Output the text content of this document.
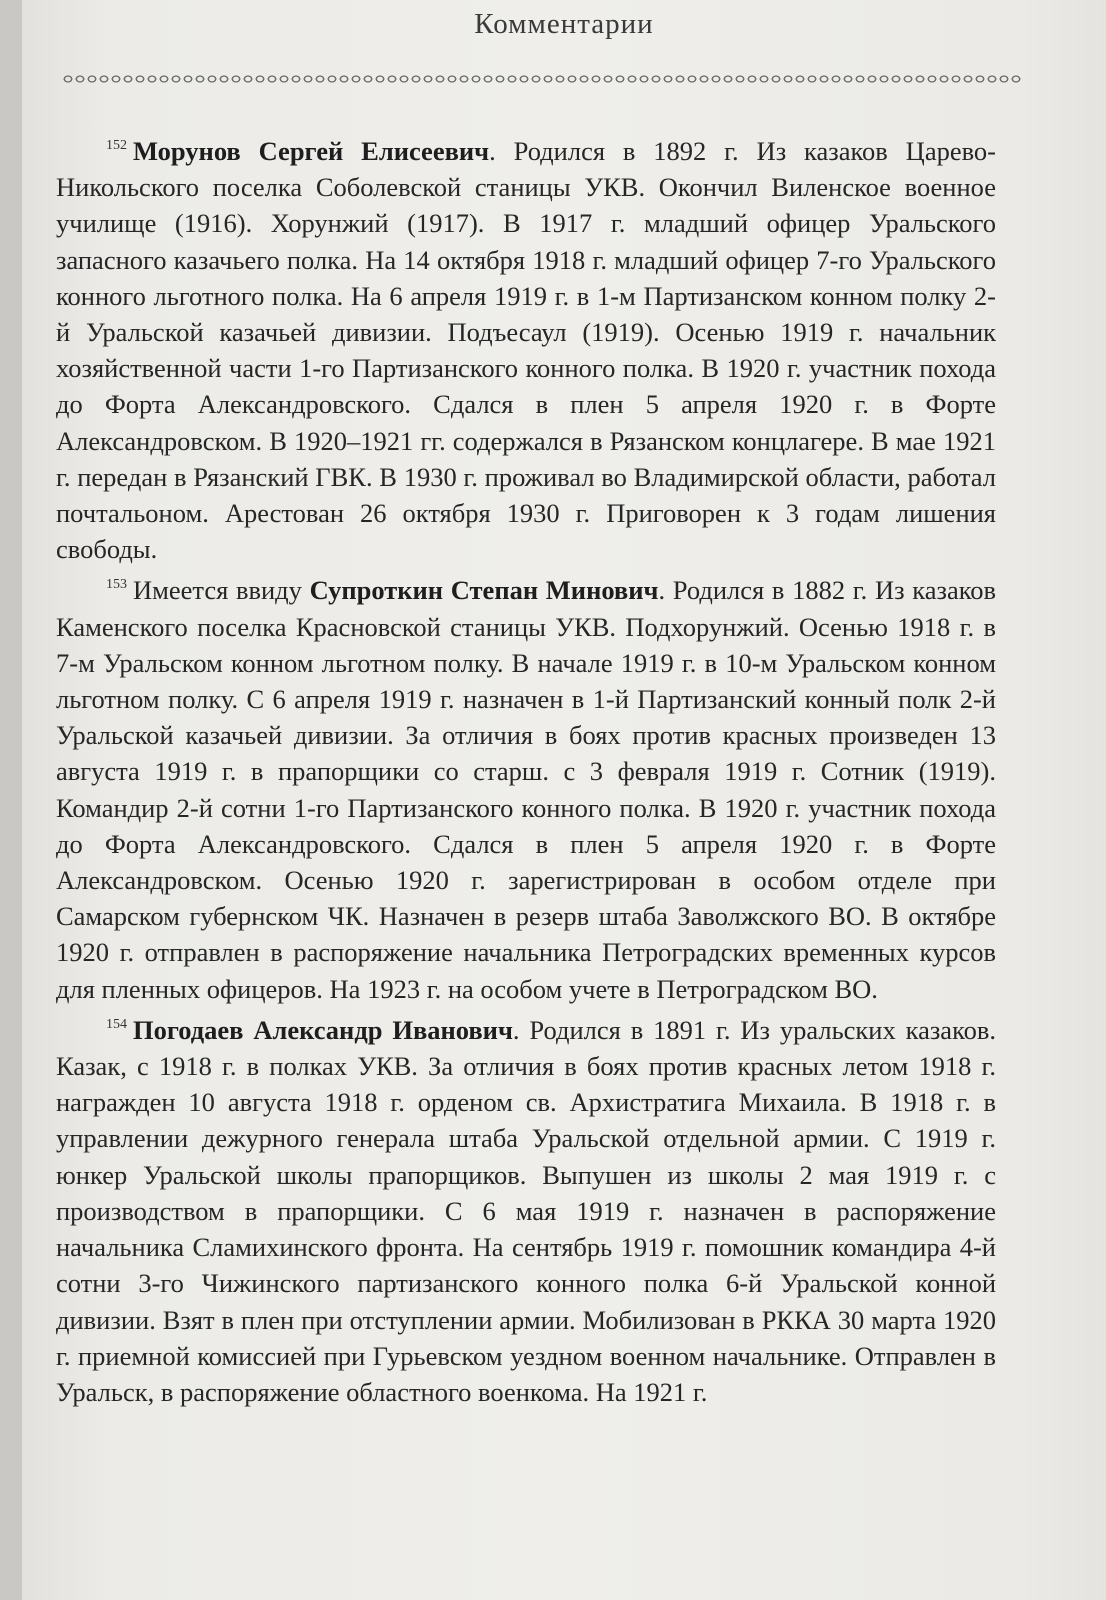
Комментарии

$^{152}$ Морунов Сергей Елисеевич. Родился в 1892 г. Из казаков Царево-Никольского поселка Соболевской станицы УКВ. Окончил Виленское военное училище (1916). Хорунжий (1917). В 1917 г. младший офицер Уральского запасного казачьего полка. На 14 октября 1918 г. младший офицер 7-го Уральского конного льготного полка. На 6 апреля 1919 г. в 1-м Партизанском конном полку 2-й Уральской казачьей дивизии. Подъесаул (1919). Осенью 1919 г. начальник хозяйственной части 1-го Партизанского конного полка. В 1920 г. участник похода до Форта Александровского. Сдался в плен 5 апреля 1920 г. в Форте Александровском. В 1920–1921 гг. содержался в Рязанском концлагере. В мае 1921 г. передан в Рязанский ГВК. В 1930 г. проживал во Владимирской области, работал почтальоном. Арестован 26 октября 1930 г. Приговорен к 3 годам лишения свободы.

$^{153}$ Имеется ввиду Супроткин Степан Минович. Родился в 1882 г. Из казаков Каменского поселка Красновской станицы УКВ. Подхорунжий. Осенью 1918 г. в 7-м Уральском конном льготном полку. В начале 1919 г. в 10-м Уральском конном льготном полку. С 6 апреля 1919 г. назначен в 1-й Партизанский конный полк 2-й Уральской казачьей дивизии. За отличия в боях против красных произведен 13 августа 1919 г. в прапорщики со старш. с 3 февраля 1919 г. Сотник (1919). Командир 2-й сотни 1-го Партизанского конного полка. В 1920 г. участник похода до Форта Александровского. Сдался в плен 5 апреля 1920 г. в Форте Александровском. Осенью 1920 г. зарегистрирован в особом отделе при Самарском губернском ЧК. Назначен в резерв штаба Заволжского ВО. В октябре 1920 г. отправлен в распоряжение начальника Петроградских временных курсов для пленных офицеров. На 1923 г. на особом учете в Петроградском ВО.

$^{154}$ Погодаев Александр Иванович. Родился в 1891 г. Из уральских казаков. Казак, с 1918 г. в полках УКВ. За отличия в боях против красных летом 1918 г. награжден 10 августа 1918 г. орденом св. Архистратига Михаила. В 1918 г. в управлении дежурного генерала штаба Уральской отдельной армии. С 1919 г. юнкер Уральской школы прапорщиков. Выпушен из школы 2 мая 1919 г. с производством в прапорщики. С 6 мая 1919 г. назначен в распоряжение начальника Сламихинского фронта. На сентябрь 1919 г. помошник командира 4-й сотни 3-го Чижинского партизанского конного полка 6-й Уральской конной дивизии. Взят в плен при отступлении армии. Мобилизован в РККА 30 марта 1920 г. приемной комиссией при Гурьевском уездном военном начальнике. Отправлен в Уральск, в распоряжение областного военкома. На 1921 г.
